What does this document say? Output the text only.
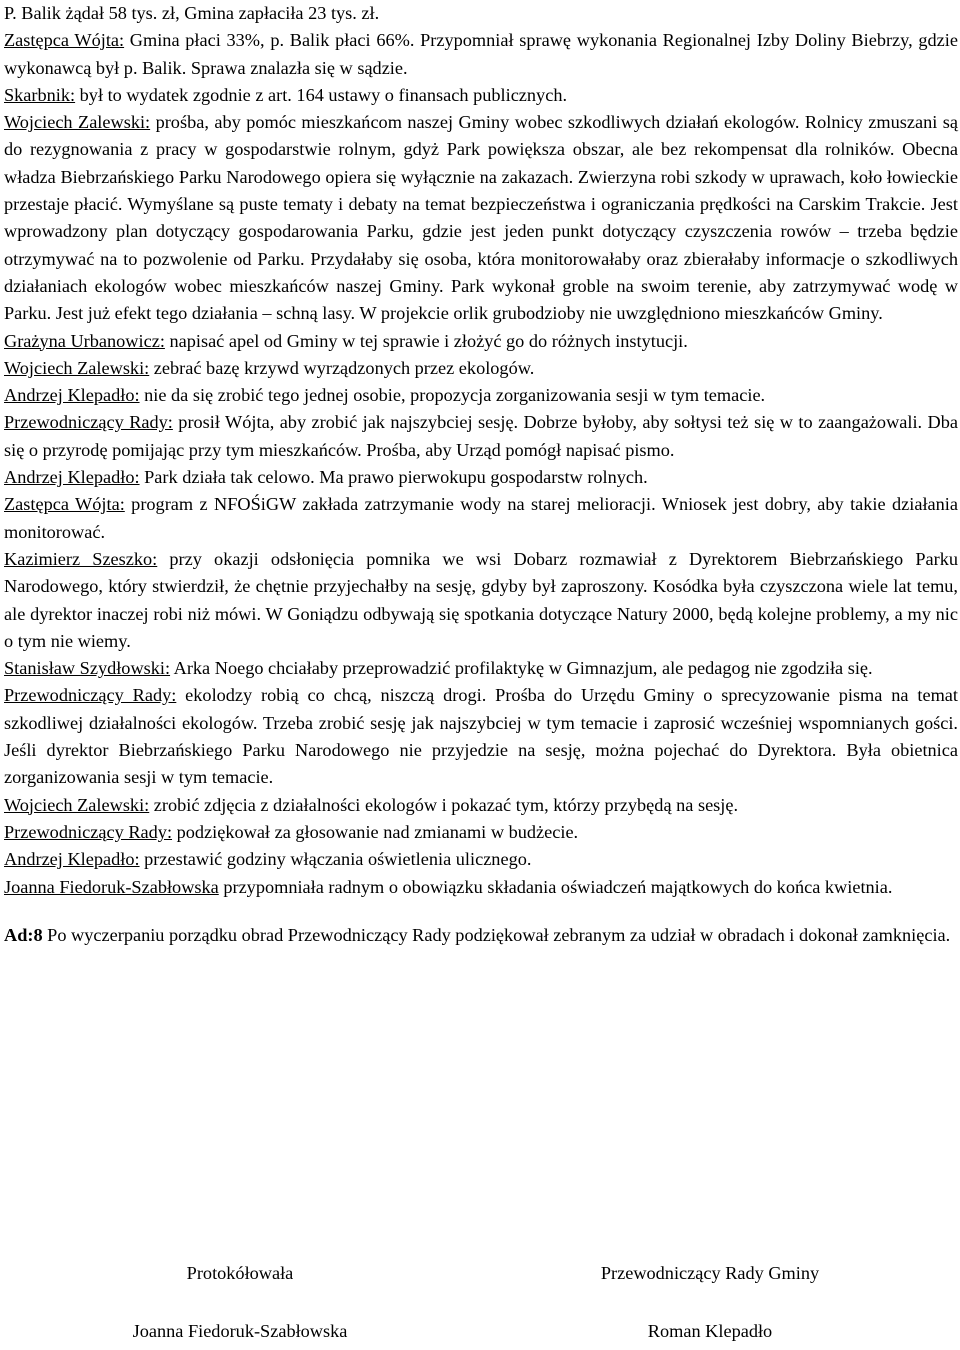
P. Balik żądał 58 tys. zł, Gmina zapłaciła 23 tys. zł.

Zastępca Wójta: Gmina płaci 33%, p. Balik płaci 66%. Przypomniał sprawę wykonania Regionalnej Izby Doliny Biebrzy, gdzie wykonawcą był p. Balik. Sprawa znalazła się w sądzie.

Skarbnik: był to wydatek zgodnie z art. 164 ustawy o finansach publicznych.

Wojciech Zalewski: prośba, aby pomóc mieszkańcom naszej Gminy wobec szkodliwych działań ekologów. Rolnicy zmuszani są do rezygnowania z pracy w gospodarstwie rolnym, gdyż Park powiększa obszar, ale bez rekompensat dla rolników. Obecna władza Biebrzańskiego Parku Narodowego opiera się wyłącznie na zakazach. Zwierzyna robi szkody w uprawach, koło łowieckie przestaje płacić. Wymyślane są puste tematy i debaty na temat bezpieczeństwa i ograniczania prędkości na Carskim Trakcie. Jest wprowadzony plan dotyczący gospodarowania Parku, gdzie jest jeden punkt dotyczący czyszczenia rowów – trzeba będzie otrzymywać na to pozwolenie od Parku. Przydałaby się osoba, która monitorowałaby oraz zbierałaby informacje o szkodliwych działaniach ekologów wobec mieszkańców naszej Gminy. Park wykonał groble na swoim terenie, aby zatrzymywać wodę w Parku. Jest już efekt tego działania – schną lasy. W projekcie orlik grubodzioby nie uwzględniono mieszkańców Gminy.

Grażyna Urbanowicz: napisać apel od Gminy w tej sprawie i złożyć go do różnych instytucji.

Wojciech Zalewski: zebrać bazę krzywd wyrządzonych przez ekologów.

Andrzej Klepadło: nie da się zrobić tego jednej osobie, propozycja zorganizowania sesji w tym temacie.

Przewodniczący Rady: prosił Wójta, aby zrobić jak najszybciej sesję. Dobrze byłoby, aby sołtysi też się w to zaangażowali. Dba się o przyrodę pomijając przy tym mieszkańców. Prośba, aby Urząd pomógł napisać pismo.

Andrzej Klepadło: Park działa tak celowo. Ma prawo pierwokupu gospodarstw rolnych.

Zastępca Wójta: program z NFOŚiGW zakłada zatrzymanie wody na starej melioracji. Wniosek jest dobry, aby takie działania monitorować.

Kazimierz Szeszko: przy okazji odsłonięcia pomnika we wsi Dobarz rozmawiał z Dyrektorem Biebrzańskiego Parku Narodowego, który stwierdził, że chętnie przyjechałby na sesję, gdyby był zaproszony. Kosódka była czyszczona wiele lat temu, ale dyrektor inaczej robi niż mówi. W Goniądzu odbywają się spotkania dotyczące Natury 2000, będą kolejne problemy, a my nic o tym nie wiemy.

Stanisław Szydłowski: Arka Noego chciałaby przeprowadzić profilaktykę w Gimnazjum, ale pedagog nie zgodziła się.

Przewodniczący Rady: ekolodzy robią co chcą, niszczą drogi. Prośba do Urzędu Gminy o sprecyzowanie pisma na temat szkodliwej działalności ekologów. Trzeba zrobić sesję jak najszybciej w tym temacie i zaprosić wcześniej wspomnianych gości. Jeśli dyrektor Biebrzańskiego Parku Narodowego nie przyjedzie na sesję, można pojechać do Dyrektora. Była obietnica zorganizowania sesji w tym temacie.

Wojciech Zalewski: zrobić zdjęcia z działalności ekologów i pokazać tym, którzy przybędą na sesję.

Przewodniczący Rady: podziękował za głosowanie nad zmianami w budżecie.

Andrzej Klepadło: przestawić godziny włączania oświetlenia ulicznego.

Joanna Fiedoruk-Szabłowska przypomniała radnym o obowiązku składania oświadczeń majątkowych do końca kwietnia.

Ad:8 Po wyczerpaniu porządku obrad Przewodniczący Rady podziękował zebranym za udział w obradach i dokonał zamknięcia.

Protokółowała
Joanna Fiedoruk-Szabłowska
Przewodniczący Rady Gminy
Roman Klepadło
